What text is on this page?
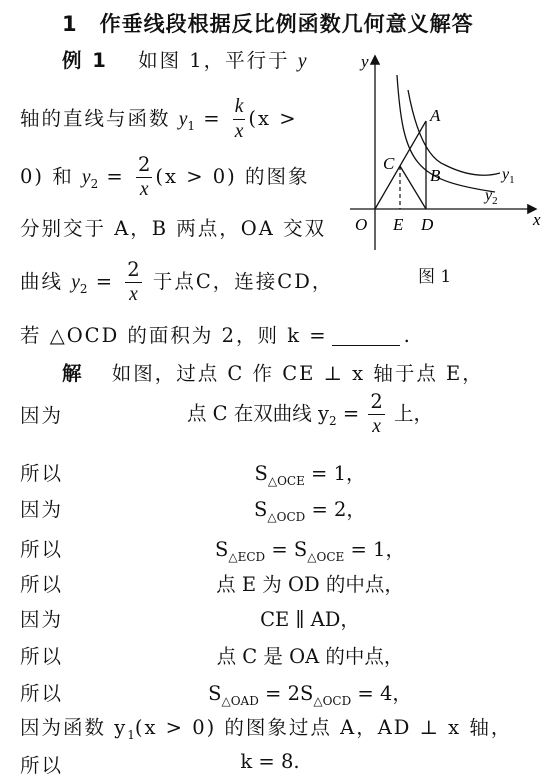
1　作垂线段根据反比例函数几何意义解答
例 1 如图 1，平行于 y
轴的直线与函数 $y_1 = \frac{k}{x} (x$ >
0) 和 $y_2 = \frac{2}{x} (x > 0)$ 的图象
分别交于 A，B 两点，OA 交双
曲线 $y_2 = \frac{2}{x}$ 于点C，连接CD，
若 △OCD 的面积为 2，则 k =	.
y
x
O E D
A
B
C
$y_1$
$y_2$
图 1
解 如图，过点 C 作 CE ⊥ x 轴于点 E，
因为	点 C 在双曲线 $y_2 = \frac{2}{x}$ 上，
所以	$S_{\triangle OCE} = 1$，
因为	$S_{\triangle OCD} = 2$，
所以	$S_{\triangle ECD} = S_{\triangle OCE} = 1$，
所以	点 E 为 OD 的中点，
因为	CE ∥ AD，
所以	点 C 是 OA 的中点，
所以	$S_{\triangle OAD} = 2S_{\triangle OCD} = 4$，
因为函数 $y_1(x > 0)$ 的图象过点 A，AD ⊥ x 轴，
所以	k = 8.
